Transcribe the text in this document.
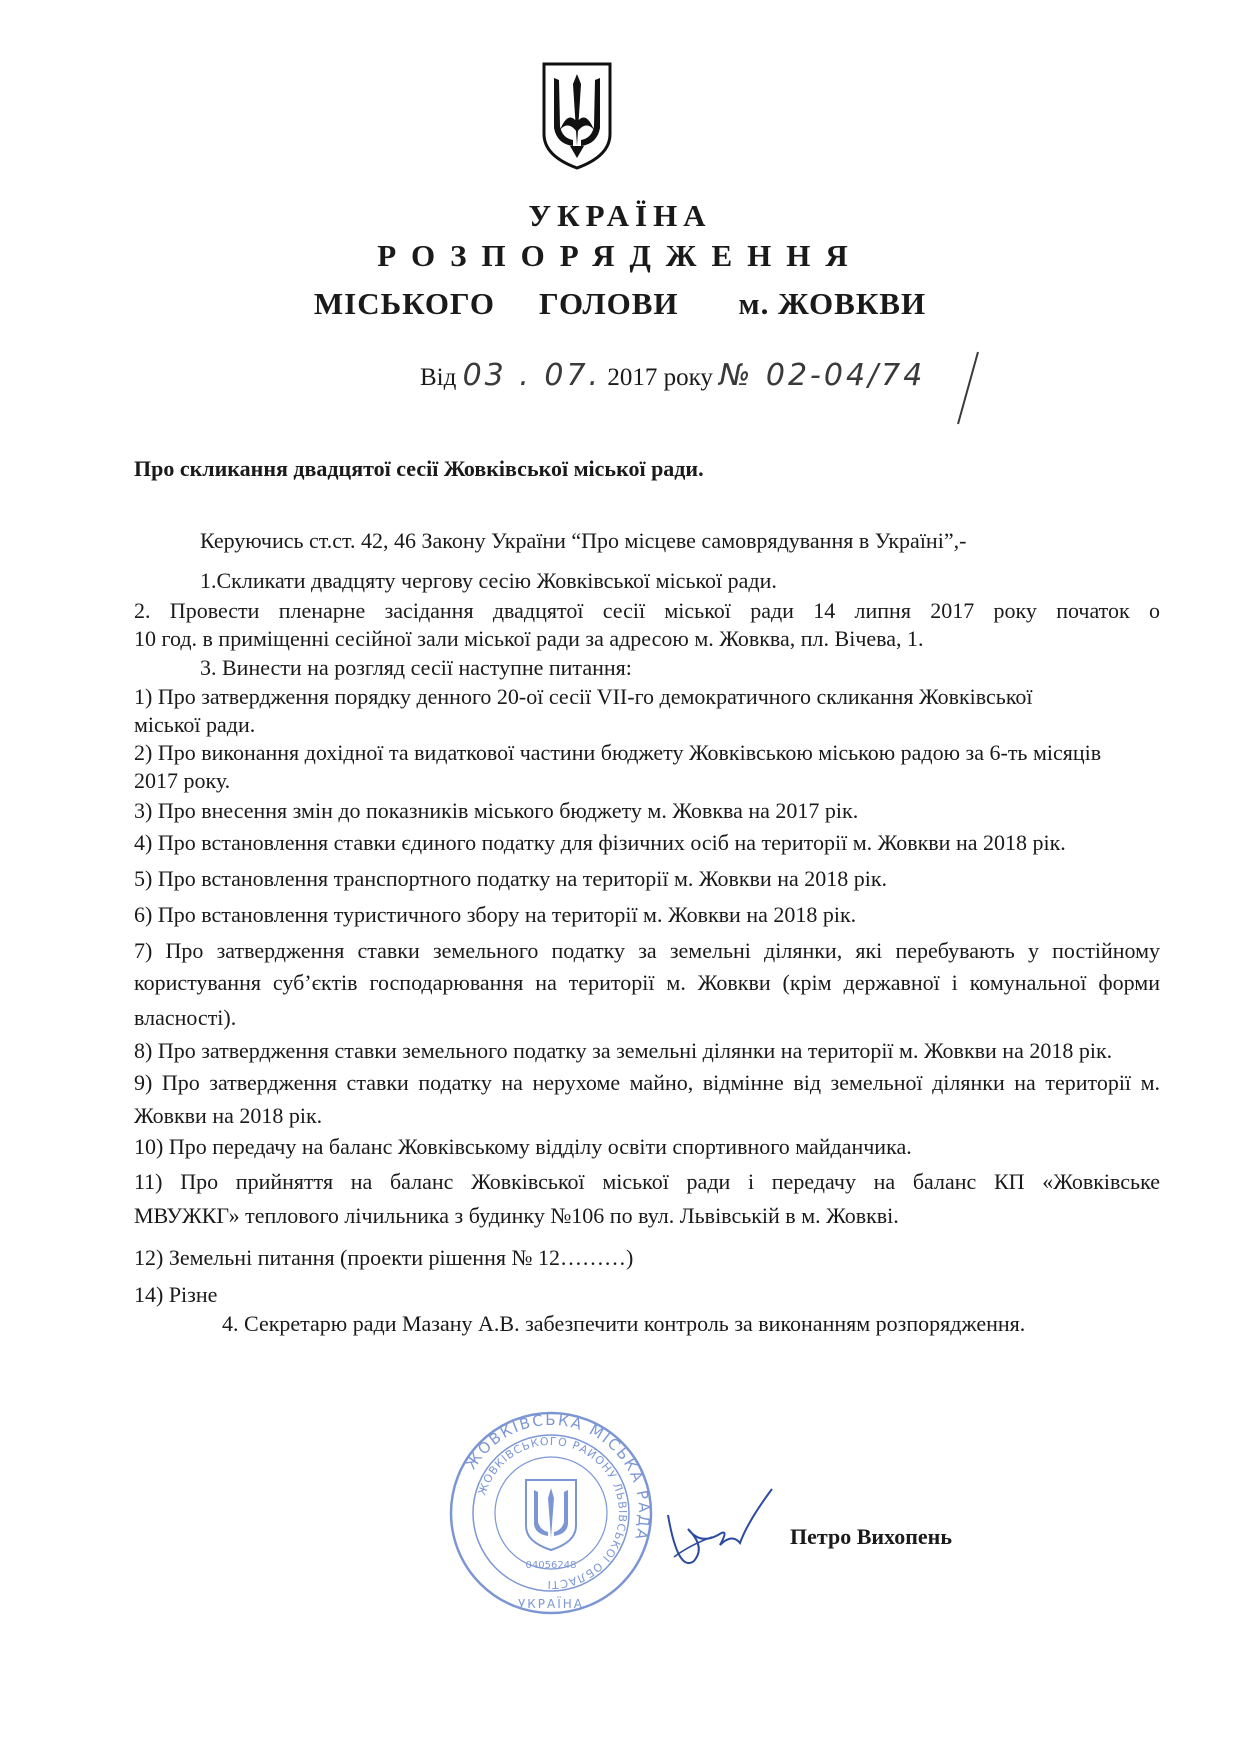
УКРАЇНА
РОЗПОРЯДЖЕННЯ
МІСЬКОГО ГОЛОВИ м. ЖОВКВИ
Від 03 . 07. 2017 року № 02-04/74
Про скликання двадцятої сесії Жовківської міської ради.
Керуючись ст.ст. 42, 46 Закону України “Про місцеве самоврядування в Україні”,-
1.Скликати двадцяту чергову сесію Жовківської міської ради.
2. Провести пленарне засідання двадцятої сесії міської ради 14 липня 2017 року початок о
10 год. в приміщенні сесійної зали міської ради за адресою м. Жовква, пл. Вічева, 1.
3. Винести на розгляд сесії наступне питання:
1) Про затвердження порядку денного 20-ої сесії VII-го демократичного скликання Жовківської
міської ради.
2) Про виконання дохідної та видаткової частини бюджету Жовківською міською радою за 6-ть місяців
2017 року.
3) Про внесення змін до показників міського бюджету м. Жовква на 2017 рік.
4) Про встановлення ставки єдиного податку для фізичних осіб на території м. Жовкви на 2018 рік.
5) Про встановлення транспортного податку на території м. Жовкви на 2018 рік.
6) Про встановлення туристичного збору на території м. Жовкви на 2018 рік.
7) Про затвердження ставки земельного податку за земельні ділянки, які перебувають у постійному
користування суб’єктів господарювання на території м. Жовкви (крім державної і комунальної форми
власності).
8) Про затвердження ставки земельного податку за земельні ділянки на території м. Жовкви на 2018 рік.
9) Про затвердження ставки податку на нерухоме майно, відмінне від земельної ділянки на території м.
Жовкви на 2018 рік.
10) Про передачу на баланс Жовківському відділу освіти спортивного майданчика.
11) Про прийняття на баланс Жовківської міської ради і передачу на баланс КП «Жовківське
МВУЖКГ» теплового лічильника з будинку №106 по вул. Львівській в м. Жовкві.
12) Земельні питання (проекти рішення № 12………)
14) Різне
4. Секретарю ради Мазану А.В. забезпечити контроль за виконанням розпорядження.
ЖОВКІВСЬКА МІСЬКА РАДА
ЖОВКІВСЬКОГО РАЙОНУ ЛЬВІВСЬКОЇ ОБЛАСТІ
04056248
УКРАЇНА
Петро Вихопень
